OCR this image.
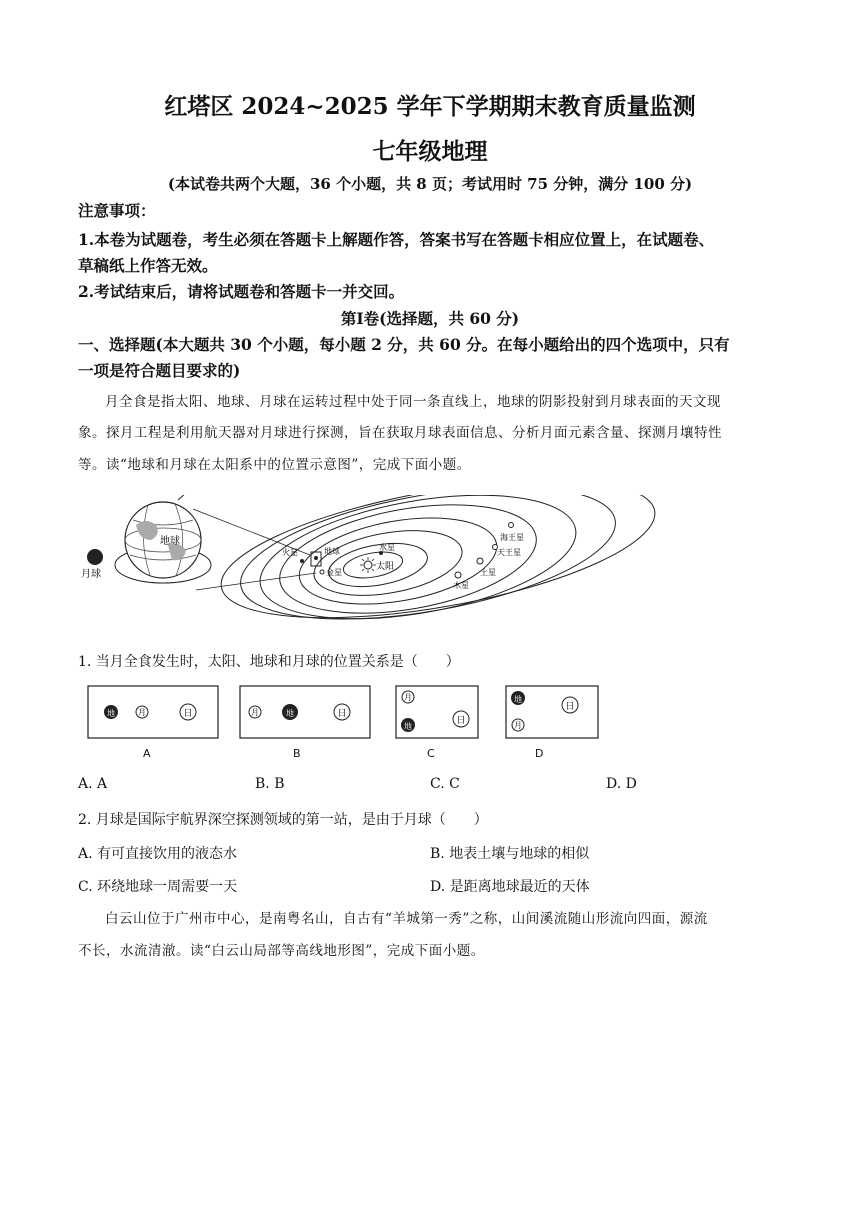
红塔区 2024~2025 学年下学期期末教育质量监测
七年级地理
(本试卷共两个大题，36 个小题，共 8 页；考试用时 75 分钟，满分 100 分)
注意事项：
1.本卷为试题卷，考生必须在答题卡上解题作答，答案书写在答题卡相应位置上，在试题卷、
草稿纸上作答无效。
2.考试结束后，请将试题卷和答题卡一并交回。
第Ⅰ卷(选择题，共 60 分)
一、选择题(本大题共 30 个小题，每小题 2 分，共 60 分。在每小题给出的四个选项中，只有
一项是符合题目要求的)
月全食是指太阳、地球、月球在运转过程中处于同一条直线上，地球的阴影投射到月球表面的天文现
象。探月工程是利用航天器对月球进行探测，旨在获取月球表面信息、分析月面元素含量、探测月壤特性
等。读“地球和月球在太阳系中的位置示意图”，完成下面小题。
月球
地球
太阳
火星	地球
金星
水星
木星
土星
天王星
海王星
1. 当月全食发生时，太阳、地球和月球的位置关系是（　　）
地	月	日	月	地	日
月
地
日
地
月
日
A	B	C	D
A. A	B. B	C. C	D. D
2. 月球是国际宇航界深空探测领域的第一站，是由于月球（　　）
A. 有可直接饮用的液态水	B. 地表土壤与地球的相似
C. 环绕地球一周需要一天	D. 是距离地球最近的天体
白云山位于广州市中心，是南粤名山，自古有“羊城第一秀”之称，山间溪流随山形流向四面，源流
不长，水流清澈。读“白云山局部等高线地形图”，完成下面小题。
